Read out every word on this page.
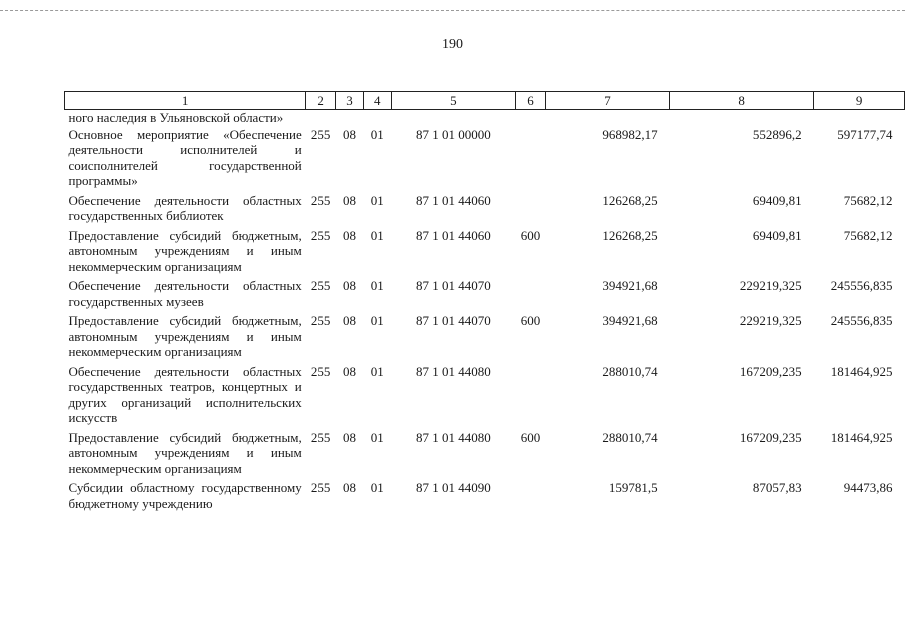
190
1	2	3	4	5	6	7	8	9
ного наследия в Ульяновской области»								
Основное мероприятие «Обеспечение деятельности исполнителей и соисполнителей государственной программы»	255	08	01	87 1 01 00000		968982,17	552896,2	597177,74
Обеспечение деятельности областных государственных библиотек	255	08	01	87 1 01 44060		126268,25	69409,81	75682,12
Предоставление субсидий бюджетным, автономным учреждениям и иным некоммерческим организациям	255	08	01	87 1 01 44060	600	126268,25	69409,81	75682,12
Обеспечение деятельности областных государственных музеев	255	08	01	87 1 01 44070		394921,68	229219,325	245556,835
Предоставление субсидий бюджетным, автономным учреждениям и иным некоммерческим организациям	255	08	01	87 1 01 44070	600	394921,68	229219,325	245556,835
Обеспечение деятельности областных государственных театров, концертных и других организаций исполнительских искусств	255	08	01	87 1 01 44080		288010,74	167209,235	181464,925
Предоставление субсидий бюджетным, автономным учреждениям и иным некоммерческим организациям	255	08	01	87 1 01 44080	600	288010,74	167209,235	181464,925
Субсидии областному государственному бюджетному учреждению	255	08	01	87 1 01 44090		159781,5	87057,83	94473,86
